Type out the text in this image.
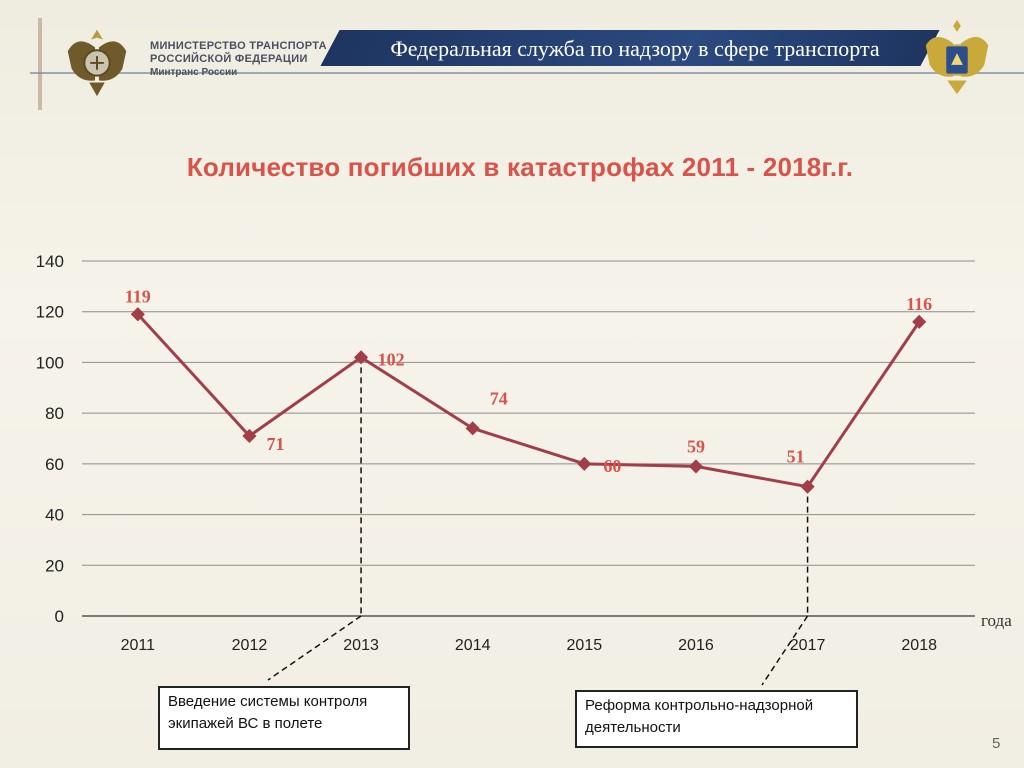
МИНИСТЕРСТВО ТРАНСПОРТА
РОССИЙСКОЙ ФЕДЕРАЦИИ
Минтранс России
Федеральная служба по надзору в сфере транспорта
Количество погибших в катастрофах 2011 - 2018г.г.
0
20
40
60
80
100
120
140
2011	2012	2013	2014	2015	2016	2017	2018
года
119
71
102
74
60
59
51
116
Введение системы контроля экипажей ВС в полете
Реформа контрольно-надзорной деятельности
5
